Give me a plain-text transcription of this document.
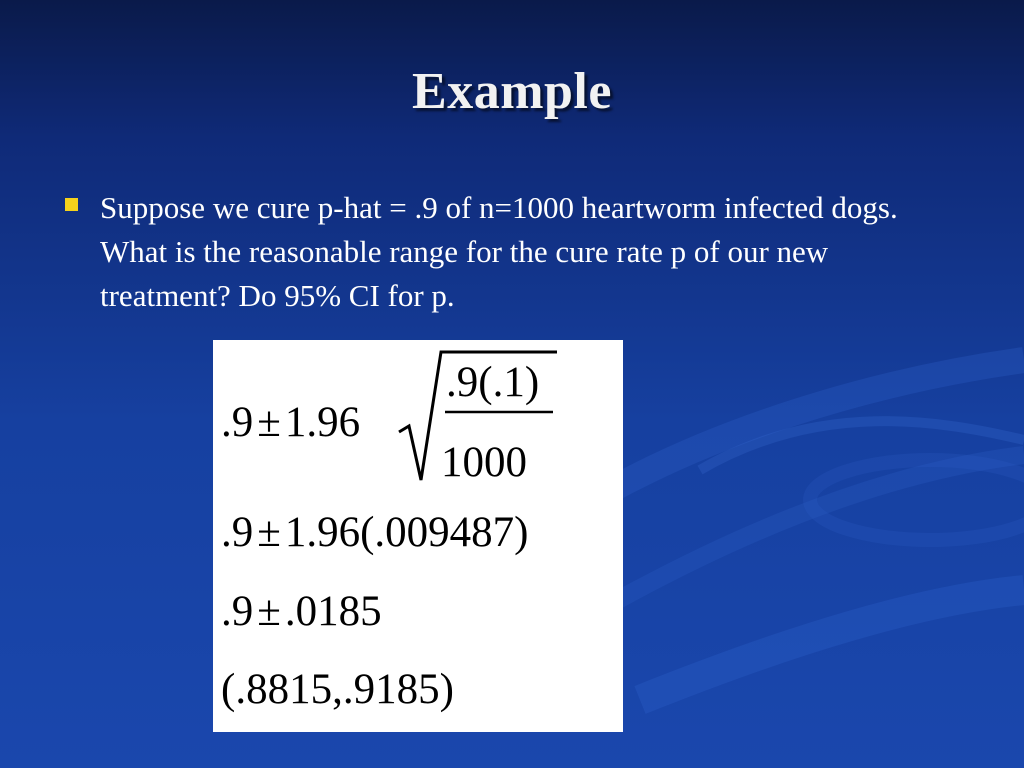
Example
Suppose we cure p-hat = .9 of n=1000 heartworm infected dogs. What is the reasonable range for the cure rate p of our new treatment? Do 95% CI for p.
.9±1.96
.9(.1)
1000
.9±1.96(.009487)
.9±.0185
(.8815,.9185)
